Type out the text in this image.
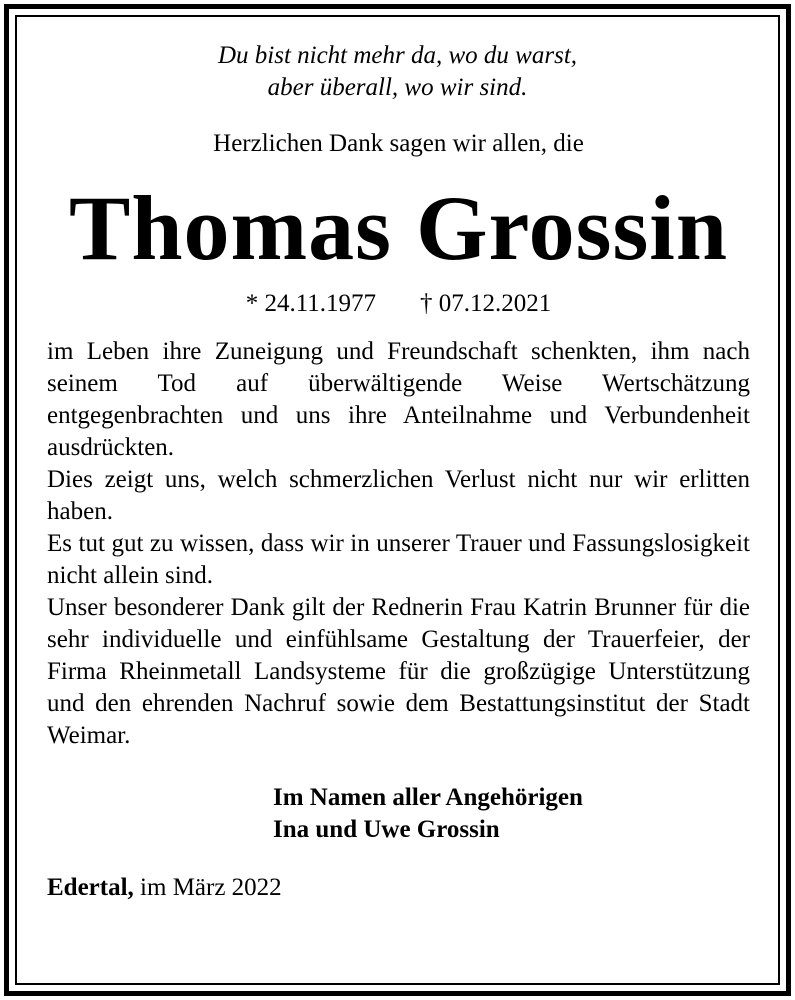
Du bist nicht mehr da, wo du warst,
aber überall, wo wir sind.
Herzlichen Dank sagen wir allen, die
Thomas Grossin
* 24.11.1977 † 07.12.2021
im Leben ihre Zuneigung und Freundschaft schenkten, ihm nach seinem Tod auf überwältigende Weise Wertschätzung entgegenbrachten und uns ihre Anteilnahme und Verbundenheit ausdrückten.
Dies zeigt uns, welch schmerzlichen Verlust nicht nur wir erlitten haben.
Es tut gut zu wissen, dass wir in unserer Trauer und Fassungslosigkeit nicht allein sind.
Unser besonderer Dank gilt der Rednerin Frau Katrin Brunner für die sehr individuelle und einfühlsame Gestaltung der Trauerfeier, der Firma Rheinmetall Landsysteme für die großzügige Unterstützung und den ehrenden Nachruf sowie dem Bestattungsinstitut der Stadt Weimar.
Im Namen aller Angehörigen
Ina und Uwe Grossin
Edertal, im März 2022
